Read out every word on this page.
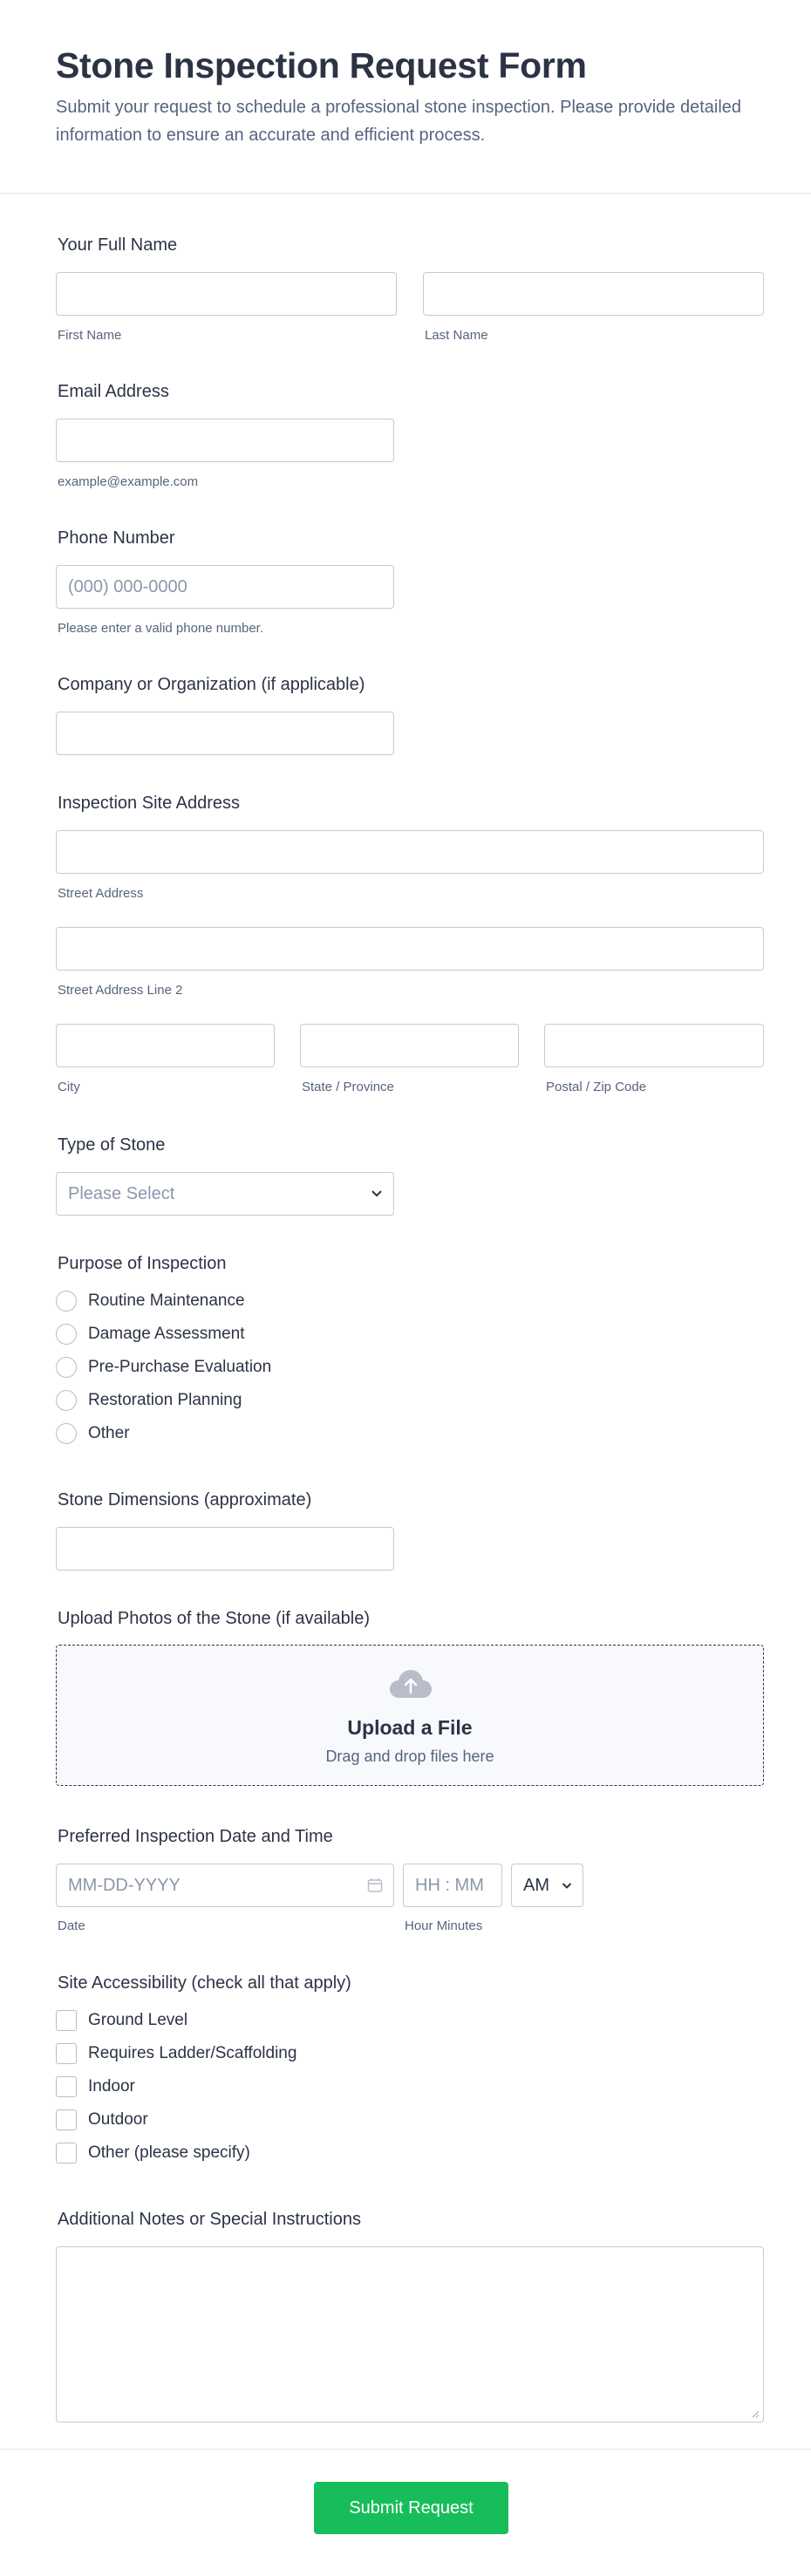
Stone Inspection Request Form

Submit your request to schedule a professional stone inspection. Please provide detailed information to ensure an accurate and efficient process.

Your Full Name
First Name	Last Name
Email Address
example@example.com
Phone Number
(000) 000-0000
Please enter a valid phone number.
Company or Organization (if applicable)
Inspection Site Address
Street Address
Street Address Line 2
City	State / Province	Postal / Zip Code
Type of Stone
Please Select
Purpose of Inspection
Routine Maintenance
Damage Assessment
Pre-Purchase Evaluation
Restoration Planning
Other
Stone Dimensions (approximate)
Upload Photos of the Stone (if available)
Upload a File
Drag and drop files here
Preferred Inspection Date and Time
MM-DD-YYYY	HH : MM	AM
Date	Hour Minutes
Site Accessibility (check all that apply)
Ground Level
Requires Ladder/Scaffolding
Indoor
Outdoor
Other (please specify)
Additional Notes or Special Instructions
Submit Request
